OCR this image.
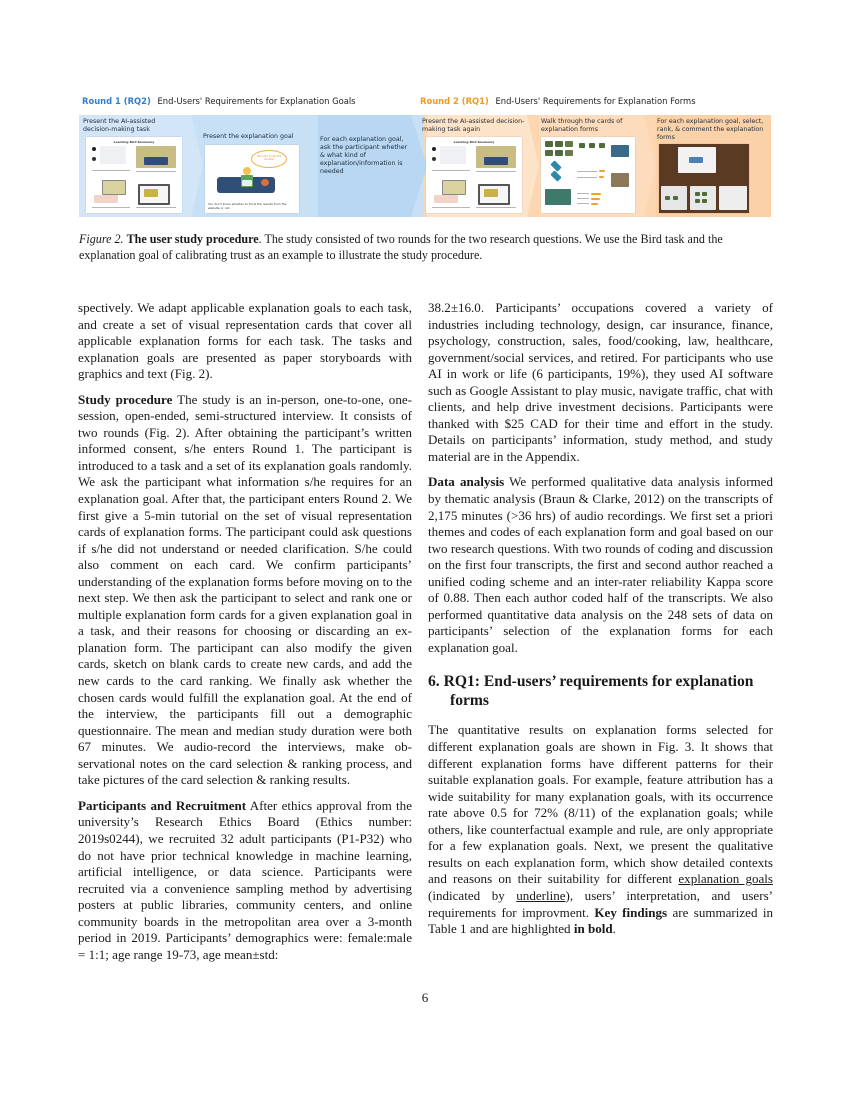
Round 1 (RQ2) End-Users' Requirements for Explanation Goals	Round 2 (RQ1) End-Users' Requirements for Explanation Forms
Present the AI-assisted decision-making task
Learning Bird taxonomy
Present the explanation goal
Should I trust the results?
You don't know whether to trust the results from the website or not.
For each explanation goal, ask the participant whether & what kind of explanation/information is needed
Present the AI-assisted decision-making task again
Learning Bird taxonomy
Walk through the cards of explanation forms
For each explanation goal, select, rank, & comment the explanation forms
Figure 2. The user study procedure. The study consisted of two rounds for the two research questions. We use the Bird task and the explanation goal of calibrating trust as an example to illustrate the study procedure.

spectively. We adapt applicable explanation goals to each task, and create a set of visual representation cards that cover all applicable explanation forms for each task. The tasks and explanation goals are presented as paper storyboards with graphics and text (Fig. 2).

Study procedure The study is an in-person, one-to-one, one-session, open-ended, semi-structured interview. It consists of two rounds (Fig. 2). After obtaining the participant’s written informed consent, s/he enters Round 1. The participant is introduced to a task and a set of its explanation goals randomly. We ask the participant what information s/he requires for an explanation goal. After that, the participant enters Round 2. We first give a 5-min tutorial on the set of visual representation cards of explanation forms. The participant could ask questions if s/he did not understand or needed clarification. S/he could also comment on each card. We confirm participants’ understanding of the explanation forms before moving on to the next step. We then ask the participant to select and rank one or multiple explanation form cards for a given explanation goal in a task, and their reasons for choosing or discarding an explanation form. The participant can also modify the given cards, sketch on blank cards to create new cards, and add the new cards to the card ranking. We finally ask whether the chosen cards would fulfill the explanation goal. At the end of the interview, the participants fill out a demographic questionnaire. The mean and median study duration were both 67 minutes. We audio-record the interviews, make observational notes on the card selection & ranking process, and take pictures of the card selection & ranking results.

Participants and Recruitment After ethics approval from the university’s Research Ethics Board (Ethics number: 2019s0244), we recruited 32 adult participants (P1-P32) who do not have prior technical knowledge in machine learning, artificial intelligence, or data science. Participants were recruited via a convenience sampling method by advertising posters at public libraries, community centers, and online community boards in the metropolitan area over a 3-month period in 2019. Participants’ demographics were: female:male = 1:1; age range 19-73, age mean±std:

38.2±16.0. Participants’ occupations covered a variety of industries including technology, design, car insurance, finance, psychology, construction, sales, food/cooking, law, healthcare, government/social services, and retired. For participants who use AI in work or life (6 participants, 19%), they used AI software such as Google Assistant to play music, navigate traffic, chat with clients, and help drive investment decisions. Participants were thanked with $25 CAD for their time and effort in the study. Details on participants’ information, study method, and study material are in the Appendix.

Data analysis We performed qualitative data analysis informed by thematic analysis (Braun & Clarke, 2012) on the transcripts of 2,175 minutes (>36 hrs) of audio recordings. We first set a priori themes and codes of each explanation form and goal based on our two research questions. With two rounds of coding and discussion on the first four transcripts, the first and second author reached a unified coding scheme and an inter-rater reliability Kappa score of 0.88. Then each author coded half of the transcripts. We also performed quantitative data analysis on the 248 sets of data on participants’ selection of the explanation forms for each explanation goal.

6. RQ1: End-users’ requirements for explanation forms

The quantitative results on explanation forms selected for different explanation goals are shown in Fig. 3. It shows that different explanation forms have different patterns for their suitable explanation goals. For example, feature attribution has a wide suitability for many explanation goals, with its occurrence rate above 0.5 for 72% (8/11) of the explanation goals; while others, like counterfactual example and rule, are only appropriate for a few explanation goals. Next, we present the qualitative results on each explanation form, which show detailed contexts and reasons on their suitability for different explanation goals (indicated by underline), users’ interpretation, and users’ requirements for improvment. Key findings are summarized in Table 1 and are highlighted in bold.

6
